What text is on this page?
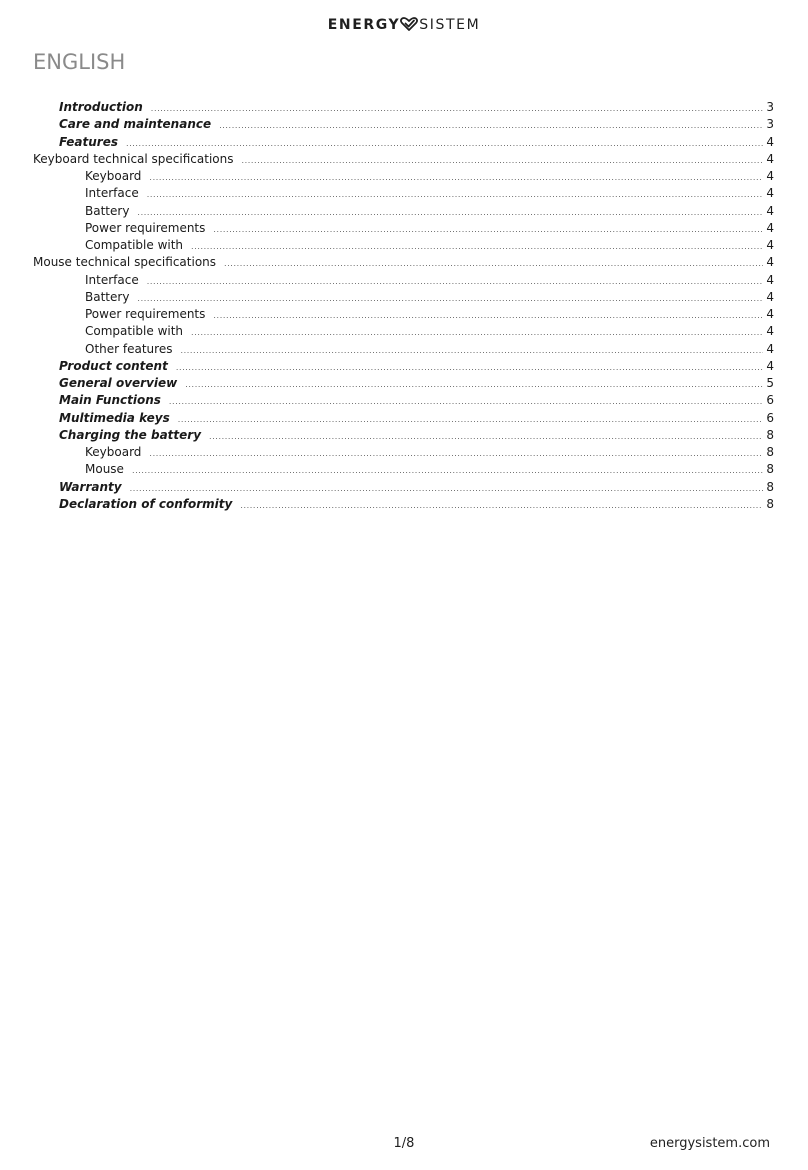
ENERGY SISTEM
ENGLISH
Introduction .....	3
Care and maintenance .....	3
Features .....	4
Keyboard technical specifications .....	4
Keyboard .....	4
Interface .....	4
Battery .....	4
Power requirements .....	4
Compatible with .....	4
Mouse technical specifications .....	4
Interface .....	4
Battery .....	4
Power requirements .....	4
Compatible with .....	4
Other features .....	4
Product content .....	4
General overview .....	5
Main Functions .....	6
Multimedia keys .....	6
Charging the battery .....	8
Keyboard .....	8
Mouse .....	8
Warranty .....	8
Declaration of conformity .....	8
1/8	energysistem.com
